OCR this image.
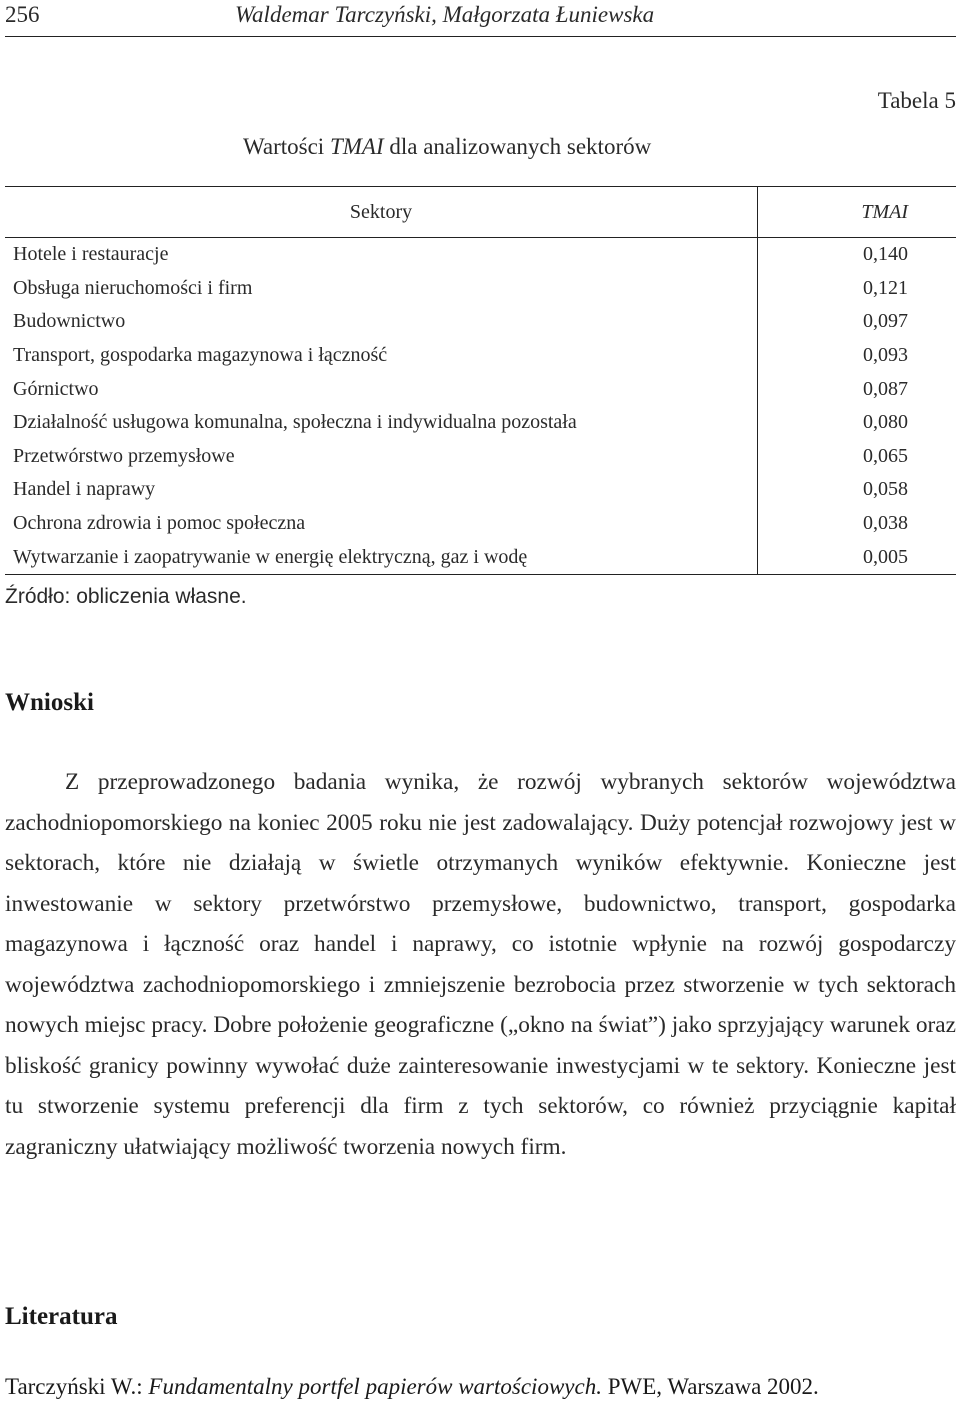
256	Waldemar Tarczyński, Małgorzata Łuniewska
Tabela 5
Wartości TMAI dla analizowanych sektorów
Sektory	TMAI
Hotele i restauracje	0,140
Obsługa nieruchomości i firm	0,121
Budownictwo	0,097
Transport, gospodarka magazynowa i łączność	0,093
Górnictwo	0,087
Działalność usługowa komunalna, społeczna i indywidualna pozostała	0,080
Przetwórstwo przemysłowe	0,065
Handel i naprawy	0,058
Ochrona zdrowia i pomoc społeczna	0,038
Wytwarzanie i zaopatrywanie w energię elektryczną, gaz i wodę	0,005
Źródło: obliczenia własne.
Wnioski

Z przeprowadzonego badania wynika, że rozwój wybranych sektorów województwa zachodniopomorskiego na koniec 2005 roku nie jest zadowalający. Duży potencjał rozwojowy jest w sektorach, które nie działają w świetle otrzymanych wyników efektywnie. Konieczne jest inwestowanie w sektory przetwórstwo przemysłowe, budownictwo, transport, gospodarka magazynowa i łączność oraz handel i naprawy, co istotnie wpłynie na rozwój gospodarczy województwa zachodniopomorskiego i zmniejszenie bezrobocia przez stworzenie w tych sektorach nowych miejsc pracy. Dobre położenie geograficzne („okno na świat”) jako sprzyjający warunek oraz bliskość granicy powinny wywołać duże zainteresowanie inwestycjami w te sektory. Konieczne jest tu stworzenie systemu preferencji dla firm z tych sektorów, co również przyciągnie kapitał zagraniczny ułatwiający możliwość tworzenia nowych firm.

Literatura
Tarczyński W.: Fundamentalny portfel papierów wartościowych. PWE, Warszawa 2002.
